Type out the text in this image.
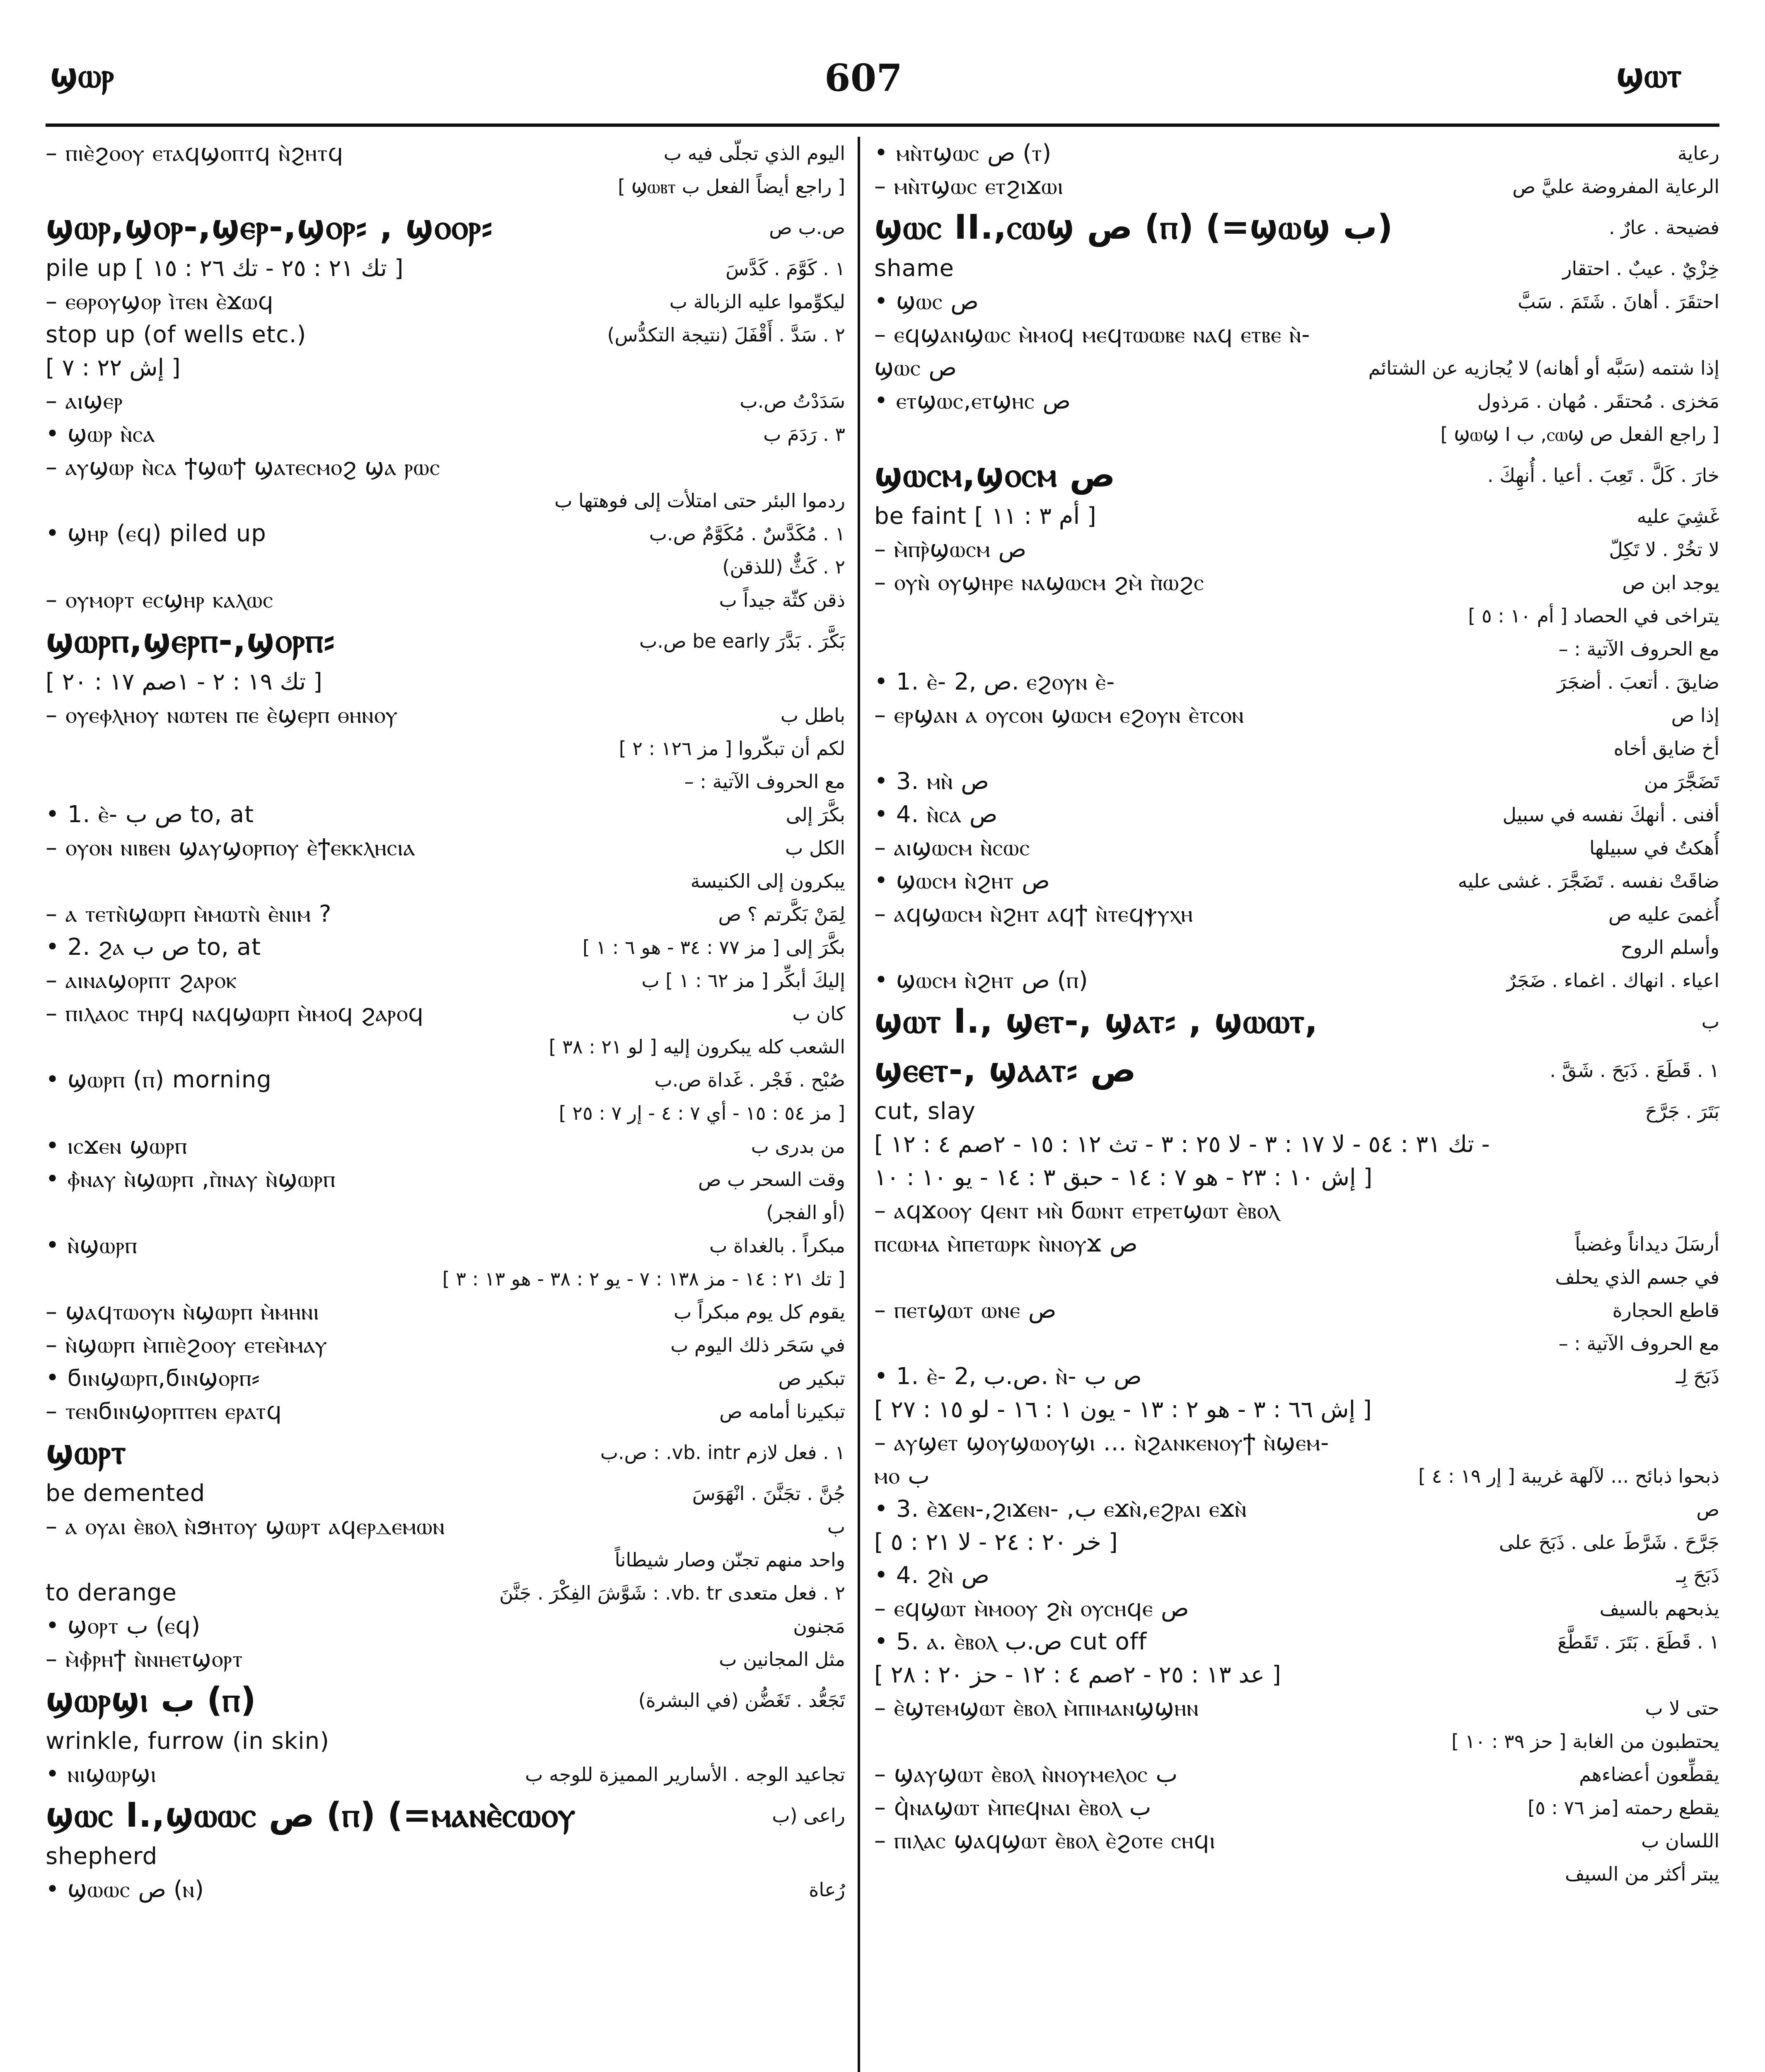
ϣⲱⲣ	607	ϣⲱⲧ
– ⲡⲓⲉ̀ϩⲟⲟⲩ ⲉⲧⲁϥϣⲟⲡⲧϥ ⲛ̀ϩⲏⲧϥ	اليوم الذي تجلّى فيه ب
[ راجع أيضاً الفعل ب ϣⲱⲃⲧ ]
ϣⲱⲣ,ϣⲟⲣ-,ϣⲉⲣ-,ϣⲟⲣ⸗ , ϣⲟⲟⲣ⸗	ص.ب ص
pile up [ تك ٢١ : ٢٥ - تك ٢٦ : ١٥ ]	١ . كَوَّمَ . كَدَّسَ
– ⲉⲑⲣⲟⲩϣⲟⲣ ⲓ̀ⲧⲉⲛ ⲉ̀ϫⲱϥ	ليكوِّموا عليه الزبالة ب
stop up (of wells etc.)	٢ . سَدَّ . أَقْفَلَ (نتيجة التكدُّس)
[ إش ٢٢ : ٧ ]
– ⲁⲓϣⲉⲣ	سَدَدْتُ ص.ب
• ϣⲱⲣ ⲛ̀ⲥⲁ	٣ . رَدَمَ ب
– ⲁⲩϣⲱⲣ ⲛ̀ⲥⲁ ϯϣⲱϯ ϣⲁⲧⲉⲥⲙⲟϩ ϣⲁ ⲣⲱⲥ
ردموا البئر حتى امتلأت إلى فوهتها ب
• ϣⲏⲣ (ⲉϥ) piled up	١ . مُكَدَّسٌ . مُكَوَّمٌ ص.ب
٢ . كَثٌّ (للذقن)
– ⲟⲩⲙⲟⲣⲧ ⲉⲥϣⲏⲣ ⲕⲁⲗⲱⲥ	ذقن كثّة جيداً ب
ϣⲱⲣⲡ,ϣⲉⲣⲡ-,ϣⲟⲣⲡ⸗	بَكَّرَ . بَدَّرَ be early ص.ب
[ تك ١٩ : ٢ - ١صم ١٧ : ٢٠ ]
– ⲟⲩⲉⲫⲗⲏⲟⲩ ⲛⲱⲧⲉⲛ ⲡⲉ ⲉ̀ϣⲉⲣⲡ ⲑⲏⲛⲟⲩ	باطل ب
لكم أن تبكّروا [ مز ١٢٦ : ٢ ]
مع الحروف الآتية : –
• 1. ⲉ̀- ص ب to, at	بكَّرَ إلى
– ⲟⲩⲟⲛ ⲛⲓⲃⲉⲛ ϣⲁⲩϣⲟⲣⲡⲟⲩ ⲉ̀ϯⲉⲕⲕⲗⲏⲥⲓⲁ	الكل ب
يبكرون إلى الكنيسة
– ⲁ ⲧⲉⲧⲛ̀ϣⲱⲣⲡ ⲙ̀ⲙⲱⲧⲛ̀ ⲉ̀ⲛⲓⲙ ?	لِمَنْ بَكَّرتم ؟ ص
• 2. ϩⲁ ص ب to, at	بكَّرَ إلى [ مز ٧٧ : ٣٤ - هو ٦ : ١ ]
– ⲁⲓⲛⲁϣⲟⲣⲡⲧ ϩⲁⲣⲟⲕ	إليكَ أبكِّر [ مز ٦٢ : ١ ] ب
– ⲡⲓⲗⲁⲟⲥ ⲧⲏⲣϥ ⲛⲁϥϣⲱⲣⲡ ⲙ̀ⲙⲟϥ ϩⲁⲣⲟϥ	كان ب
الشعب كله يبكرون إليه [ لو ٢١ : ٣٨ ]
• ϣⲱⲣⲡ (ⲡ) morning	صُبْح . فَجْر . غَداة ص.ب
[ مز ٥٤ : ١٥ - أي ٧ : ٤ - إر ٧ : ٢٥ ]
• ⲓⲥϫⲉⲛ ϣⲱⲣⲡ	من بدرى ب
• ⲫ̀ⲛⲁⲩ ⲛ̀ϣⲱⲣⲡ ,ⲡ̀ⲛⲁⲩ ⲛ̀ϣⲱⲣⲡ	وقت السحر ب ص
(أو الفجر)
• ⲛ̀ϣⲱⲣⲡ	مبكراً . بالغداة ب
[ تك ٢١ : ١٤ - مز ١٣٨ : ٧ - يو ٢ : ٣٨ - هو ١٣ : ٣ ]
– ϣⲁϥⲧⲱⲟⲩⲛ ⲛ̀ϣⲱⲣⲡ ⲙ̀ⲙⲏⲛⲓ	يقوم كل يوم مبكراً ب
– ⲛ̀ϣⲱⲣⲡ ⲙ̀ⲡⲓⲉ̀ϩⲟⲟⲩ ⲉⲧⲉⲙ̀ⲙⲁⲩ	في سَحَر ذلك اليوم ب
• ϭⲓⲛϣⲱⲣⲡ,ϭⲓⲛϣⲟⲣⲡ⸗	تبكير ص
– ⲧⲉⲛϭⲓⲛϣⲟⲣⲡⲧⲉⲛ ⲉⲣⲁⲧϥ	تبكيرنا أمامه ص
ϣⲱⲣⲧ	١ . فعل لازم vb. intr. : ص.ب
be demented	جُنَّ . تجَنَّنَ . انْهَوَسَ
– ⲁ ⲟⲩⲁⲓ ⲉ̀ⲃⲟⲗ ⲛ̀ϧⲏⲧⲟⲩ ϣⲱⲣⲧ ⲁϥⲉⲣⲇⲉⲙⲱⲛ	ب
واحد منهم تجنّن وصار شيطاناً
to derange	٢ . فعل متعدى vb. tr. : شَوَّشَ الفِكْرَ . جَنَّنَ
• ϣⲟⲣⲧ ب (ⲉϥ)	مَجنون
– ⲙ̀ⲫ̀ⲣⲏϯ ⲛ̀ⲛⲏⲉⲧϣⲟⲣⲧ	مثل المجانين ب
ϣⲱⲣϣⲓ ب (ⲡ)	تَجَعُّد . تَغَضُّن (في البشرة)
wrinkle, furrow (in skin)
• ⲛⲓϣⲱⲣϣⲓ	تجاعيد الوجه . الأسارير المميزة للوجه ب
ϣⲱⲥ I.,ϣⲱⲱⲥ ص (ⲡ) (=ⲙⲁⲛⲉ̀ⲥⲱⲟⲩ	راعى (ب
shepherd
• ϣⲱⲱⲥ ص (ⲛ)	رُعاة
• ⲙⲛ̀ⲧϣⲱⲥ ص (ⲧ)	رعاية
– ⲙⲛ̀ⲧϣⲱⲥ ⲉⲧϩⲓϫⲱⲓ	الرعاية المفروضة عليَّ ص
ϣⲱⲥ II.,ⲥⲱϣ ص (ⲡ) (=ϣⲱϣ ب)	فضيحة . عارٌ .
shame	خِزْيٌ . عيبٌ . احتقار
• ϣⲱⲥ ص	احتقَرَ . أهانَ . شَتَمَ . سَبَّ
– ⲉϥϣⲁⲛϣⲱⲥ ⲙ̀ⲙⲟϥ ⲙⲉϥⲧⲱⲱⲃⲉ ⲛⲁϥ ⲉⲧⲃⲉ ⲛ̀-
ϣⲱⲥ ص	إذا شتمه (سَبَّه أو أهانه) لا يُجازيه عن الشتائم
• ⲉⲧϣⲱⲥ,ⲉⲧϣⲏⲥ ص	مَخزى . مُحتقَر . مُهان . مَرذول
[ راجع الفعل ص ⲥⲱϣ, ب ϣⲱϣ I ]
ϣⲱⲥⲙ,ϣⲟⲥⲙ ص	خارَ . كَلَّ . تَعِبَ . أعيا . أُنهِكَ .
be faint [ أم ٣ : ١١ ]	غَشِيَ عليه
– ⲙ̀ⲡⲣ̀ϣⲱⲥⲙ ص	لا تخُرْ . لا تَكِلّ
– ⲟⲩⲛ̀ ⲟⲩϣⲏⲣⲉ ⲛⲁϣⲱⲥⲙ ϩⲙ̀ ⲡ̀ⲱϩⲥ	يوجد ابن ص
يتراخى في الحصاد [ أم ١٠ : ٥ ]
مع الحروف الآتية : –
• 1. ⲉ̀- ص ,2. ⲉϩⲟⲩⲛ ⲉ̀-	ضايقَ . أتعبَ . أضجَرَ
– ⲉⲣϣⲁⲛ ⲁ ⲟⲩⲥⲟⲛ ϣⲱⲥⲙ ⲉϩⲟⲩⲛ ⲉ̀ⲧⲥⲟⲛ	إذا ص
أخ ضايق أخاه
• 3. ⲙⲛ̀ ص	تَضَجَّرَ من
• 4. ⲛ̀ⲥⲁ ص	أفنى . أنهكَ نفسه في سبيل
– ⲁⲓϣⲱⲥⲙ ⲛ̀ⲥⲱⲥ	أُهكتُ في سبيلها
• ϣⲱⲥⲙ ⲛ̀ϩⲏⲧ ص	ضاقَتْ نفسه . تَضَجَّرَ . غشى عليه
– ⲁϥϣⲱⲥⲙ ⲛ̀ϩⲏⲧ ⲁϥϯ ⲛ̀ⲧⲉϥⲯⲩⲭⲏ	أُغمىَ عليه ص
وأسلم الروح
• ϣⲱⲥⲙ ⲛ̀ϩⲏⲧ ص (ⲡ)	اعياء . انهاك . اغماء . ضَجَرٌ
ϣⲱⲧ I., ϣⲉⲧ-, ϣⲁⲧ⸗ , ϣⲱⲱⲧ,	ب
ϣⲉⲉⲧ-, ϣⲁⲁⲧ⸗ ص	١ . قَطَعَ . ذَبَحَ . شَقَّ .
cut, slay	بَتَرَ . جَرَّحَ
[ تك ٣١ : ٥٤ - لا ١٧ : ٣ - لا ٢٥ : ٣ - تث ١٢ : ١٥ - ٢صم ٤ : ١٢ -
إش ١٠ : ٢٣ - هو ٧ : ١٤ - حبق ٣ : ١٤ - يو ١٠ : ١٠ ]
– ⲁϥϫⲟⲟⲩ ϥⲉⲛⲧ ⲙⲛ̀ ϭⲱⲛⲧ ⲉⲧⲣⲉⲧϣⲱⲧ ⲉ̀ⲃⲟⲗ
ⲡⲥⲱⲙⲁ ⲙ̀ⲡⲉⲧⲱⲣⲕ ⲛ̀ⲛⲟⲩϫ ص	أرسَلَ ديداناً وغضباً
في جسم الذي يحلف
– ⲡⲉⲧϣⲱⲧ ⲱⲛⲉ ص	قاطع الحجارة
مع الحروف الآتية : –
• 1. ⲉ̀- ص.ب ,2. ⲛ̀- ص ب	ذَبَحَ لِـ
[ إش ٦٦ : ٣ - هو ٢ : ١٣ - يون ١ : ١٦ - لو ١٥ : ٢٧ ]
– ⲁⲩϣⲉⲧ ϣⲟⲩϣⲱⲟⲩϣⲓ ... ⲛ̀ϩⲁⲛⲕⲉⲛⲟⲩϯ ⲛ̀ϣⲉⲙ-
ⲙⲟ ب	ذبحوا ذبائح ... لآلهة غريبة [ إر ١٩ : ٤ ]
• 3. ⲉ̀ϫⲉⲛ-,ϩⲓϫⲉⲛ- ,ب ⲉϫⲛ̀,ⲉϩⲣⲁⲓ ⲉϫⲛ̀	ص
[ خر ٢٠ : ٢٤ - لا ٢١ : ٥ ]	جَرَّحَ . شَرَّطَ على . ذَبَحَ على
• 4. ϩⲛ̀ ص	ذَبَحَ بِـ
– ⲉϥϣⲱⲧ ⲙ̀ⲙⲟⲟⲩ ϩⲛ̀ ⲟⲩⲥⲏϥⲉ ص	يذبحهم بالسيف
• 5. ⲁ. ⲉ̀ⲃⲟⲗ ص.ب cut off	١ . قَطَعَ . بَتَرَ . تَقَطَّعَ
[ عد ١٣ : ٢٥ - ٢صم ٤ : ١٢ - حز ٢٠ : ٢٨ ]
– ⲉ̀ϣⲧⲉⲙϣⲱⲧ ⲉ̀ⲃⲟⲗ ⲙ̀ⲡⲓⲙⲁⲛϣϣⲏⲛ	حتى لا ب
يحتطبون من الغابة [ حز ٣٩ : ١٠ ]
– ϣⲁⲩϣⲱⲧ ⲉ̀ⲃⲟⲗ ⲛ̀ⲛⲟⲩⲙⲉⲗⲟⲥ ب	يقطِّعون أعضاءهم
– ϥ̀ⲛⲁϣⲱⲧ ⲙ̀ⲡⲉϥⲛⲁⲓ ⲉ̀ⲃⲟⲗ ب	يقطع رحمته [مز ٧٦ : ٥]
– ⲡⲓⲗⲁⲥ ϣⲁϥϣⲱⲧ ⲉ̀ⲃⲟⲗ ⲉ̀ϩⲟⲧⲉ ⲥⲏϥⲓ	اللسان ب
يبتر أكثر من السيف
